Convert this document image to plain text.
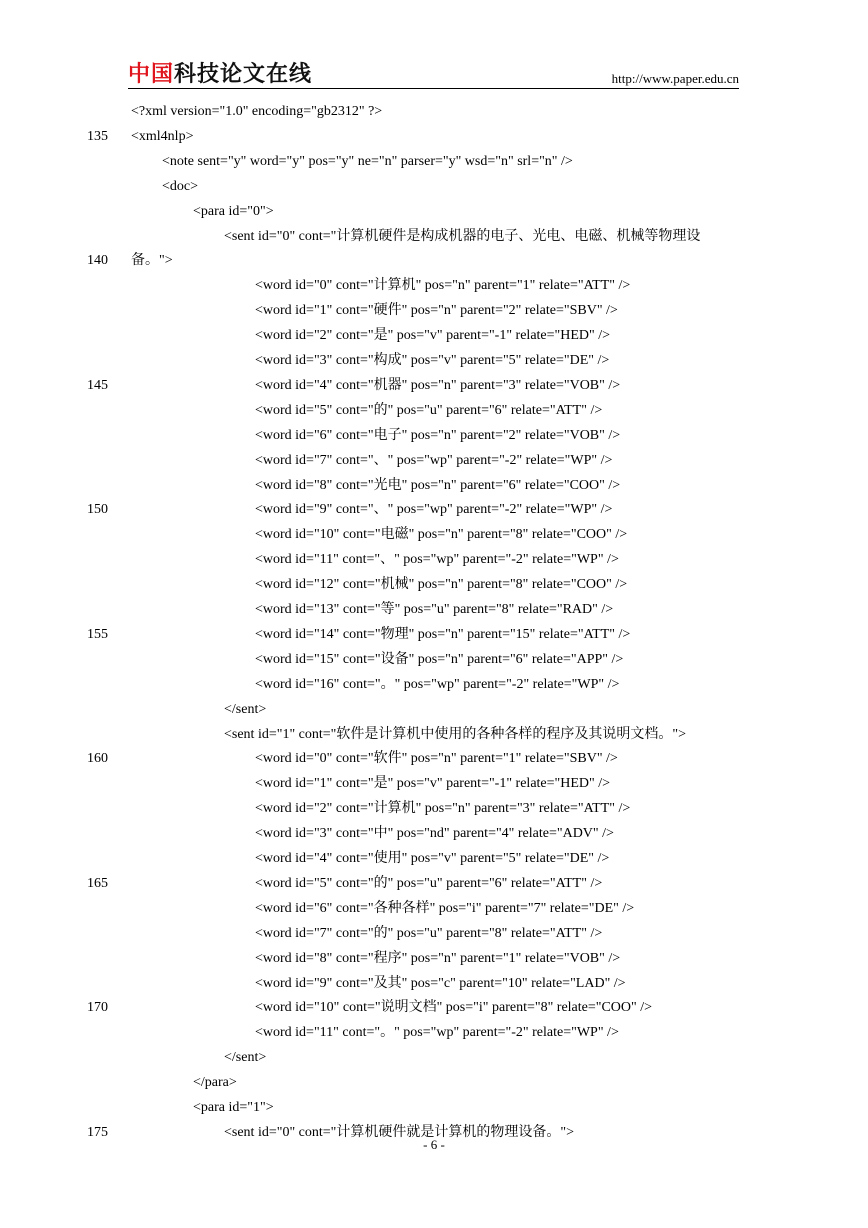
中国科技论文在线	http://www.paper.edu.cn
<?xml version="1.0" encoding="gb2312" ?>
135 <xml4nlp>
<note sent="y" word="y" pos="y" ne="n" parser="y" wsd="n" srl="n" />
<doc>
<para id="0">
<sent id="0" cont="计算机硬件是构成机器的电子、光电、电磁、机械等物理设
140 备。">
<word id="0" cont="计算机" pos="n" parent="1" relate="ATT" />
<word id="1" cont="硬件" pos="n" parent="2" relate="SBV" />
<word id="2" cont="是" pos="v" parent="-1" relate="HED" />
<word id="3" cont="构成" pos="v" parent="5" relate="DE" />
145	<word id="4" cont="机器" pos="n" parent="3" relate="VOB" />
<word id="5" cont="的" pos="u" parent="6" relate="ATT" />
<word id="6" cont="电子" pos="n" parent="2" relate="VOB" />
<word id="7" cont="、" pos="wp" parent="-2" relate="WP" />
<word id="8" cont="光电" pos="n" parent="6" relate="COO" />
150	<word id="9" cont="、" pos="wp" parent="-2" relate="WP" />
<word id="10" cont="电磁" pos="n" parent="8" relate="COO" />
<word id="11" cont="、" pos="wp" parent="-2" relate="WP" />
<word id="12" cont="机械" pos="n" parent="8" relate="COO" />
<word id="13" cont="等" pos="u" parent="8" relate="RAD" />
155	<word id="14" cont="物理" pos="n" parent="15" relate="ATT" />
<word id="15" cont="设备" pos="n" parent="6" relate="APP" />
<word id="16" cont="。" pos="wp" parent="-2" relate="WP" />
</sent>
<sent id="1" cont="软件是计算机中使用的各种各样的程序及其说明文档。">
160	<word id="0" cont="软件" pos="n" parent="1" relate="SBV" />
<word id="1" cont="是" pos="v" parent="-1" relate="HED" />
<word id="2" cont="计算机" pos="n" parent="3" relate="ATT" />
<word id="3" cont="中" pos="nd" parent="4" relate="ADV" />
<word id="4" cont="使用" pos="v" parent="5" relate="DE" />
165	<word id="5" cont="的" pos="u" parent="6" relate="ATT" />
<word id="6" cont="各种各样" pos="i" parent="7" relate="DE" />
<word id="7" cont="的" pos="u" parent="8" relate="ATT" />
<word id="8" cont="程序" pos="n" parent="1" relate="VOB" />
<word id="9" cont="及其" pos="c" parent="10" relate="LAD" />
170	<word id="10" cont="说明文档" pos="i" parent="8" relate="COO" />
<word id="11" cont="。" pos="wp" parent="-2" relate="WP" />
</sent>
</para>
<para id="1">
175	<sent id="0" cont="计算机硬件就是计算机的物理设备。">
- 6 -
